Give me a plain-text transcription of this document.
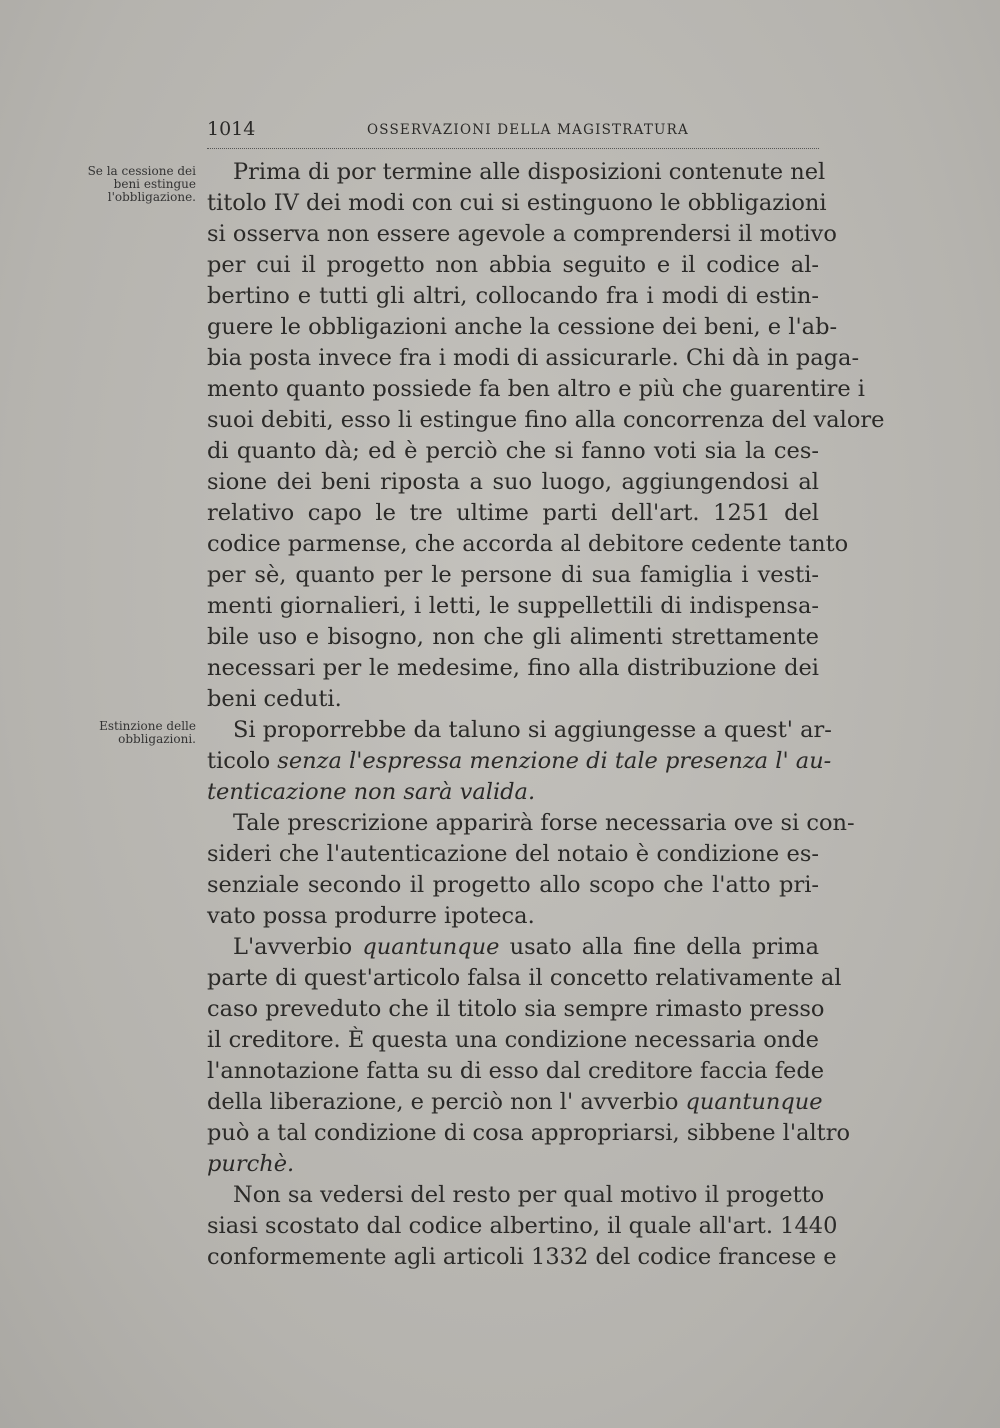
1014	OSSERVAZIONI DELLA MAGISTRATURA
Se la cessione dei
beni estingue
l'obbligazione.
Estinzione delle
obbligazioni.
Prima di por termine alle disposizioni contenute nel
titolo IV dei modi con cui si estinguono le obbligazioni
si osserva non essere agevole a comprendersi il motivo
per cui il progetto non abbia seguito e il codice al-
bertino e tutti gli altri, collocando fra i modi di estin-
guere le obbligazioni anche la cessione dei beni, e l'ab-
bia posta invece fra i modi di assicurarle. Chi dà in paga-
mento quanto possiede fa ben altro e più che guarentire i
suoi debiti, esso li estingue fino alla concorrenza del valore
di quanto dà; ed è perciò che si fanno voti sia la ces-
sione dei beni riposta a suo luogo, aggiungendosi al
relativo capo le tre ultime parti dell'art. 1251 del
codice parmense, che accorda al debitore cedente tanto
per sè, quanto per le persone di sua famiglia i vesti-
menti giornalieri, i letti, le suppellettili di indispensa-
bile uso e bisogno, non che gli alimenti strettamente
necessari per le medesime, fino alla distribuzione dei
beni ceduti.
Si proporrebbe da taluno si aggiungesse a quest' ar-
ticolo senza l'espressa menzione di tale presenza l' au-
tenticazione non sarà valida.
Tale prescrizione apparirà forse necessaria ove si con-
sideri che l'autenticazione del notaio è condizione es-
senziale secondo il progetto allo scopo che l'atto pri-
vato possa produrre ipoteca.
L'avverbio quantunque usato alla fine della prima
parte di quest'articolo falsa il concetto relativamente al
caso preveduto che il titolo sia sempre rimasto presso
il creditore. È questa una condizione necessaria onde
l'annotazione fatta su di esso dal creditore faccia fede
della liberazione, e perciò non l' avverbio quantunque
può a tal condizione di cosa appropriarsi, sibbene l'altro
purchè.
Non sa vedersi del resto per qual motivo il progetto
siasi scostato dal codice albertino, il quale all'art. 1440
conformemente agli articoli 1332 del codice francese e
